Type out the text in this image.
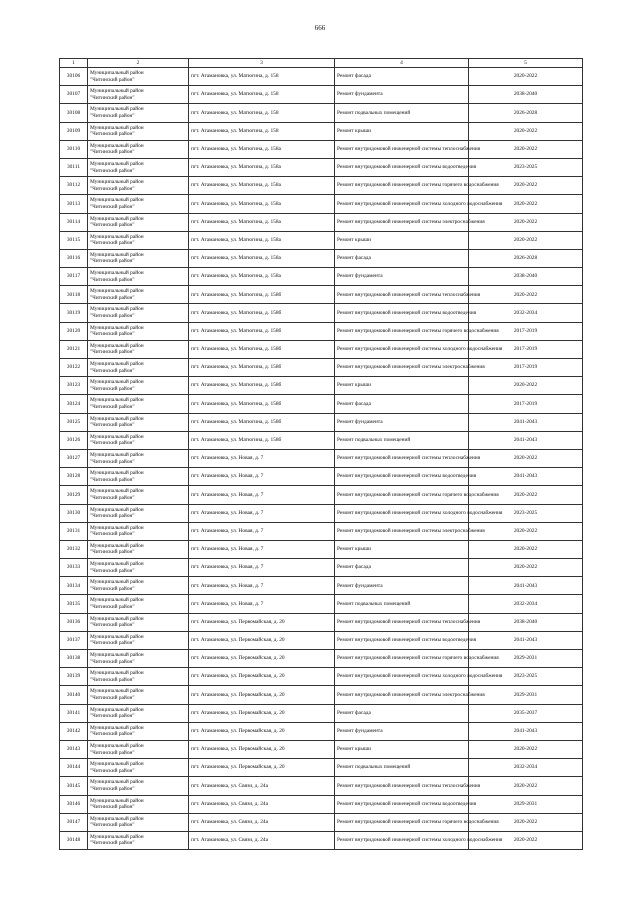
666
1	2	3	4	5
30106	Муниципальный район
"Читинский район"	пгт. Атаманoвка, ул. Матюгина, д. 158	Ремонт фасада	2020-2022
30107	Муниципальный район
"Читинский район"	пгт. Атаманoвка, ул. Матюгина, д. 158	Ремонт фундамента	2038-2040
30108	Муниципальный район
"Читинский район"	пгт. Атаманoвка, ул. Матюгина, д. 158	Ремонт подвальных помещений	2026-2028
30109	Муниципальный район
"Читинский район"	пгт. Атаманoвка, ул. Матюгина, д. 158	Ремонт крыши	2020-2022
30110	Муниципальный район
"Читинский район"	пгт. Атаманoвка, ул. Матюгина, д. 158а	Ремонт внутридомовой инженерной системы теплоснабжения	2020-2022
30111	Муниципальный район
"Читинский район"	пгт. Атаманoвка, ул. Матюгина, д. 158а	Ремонт внутридомовой инженерной системы водоотведения	2023-2025
30112	Муниципальный район
"Читинский район"	пгт. Атаманoвка, ул. Матюгина, д. 158а	Ремонт внутридомовой инженерной системы горячего водоснабжения	2020-2022
30113	Муниципальный район
"Читинский район"	пгт. Атаманoвка, ул. Матюгина, д. 158а	Ремонт внутридомовой инженерной системы холодного водоснабжения	2020-2022
30114	Муниципальный район
"Читинский район"	пгт. Атаманoвка, ул. Матюгина, д. 158а	Ремонт внутридомовой инженерной системы электроснабжения	2020-2022
30115	Муниципальный район
"Читинский район"	пгт. Атаманoвка, ул. Матюгина, д. 158а	Ремонт крыши	2020-2022
30116	Муниципальный район
"Читинский район"	пгт. Атаманoвка, ул. Матюгина, д. 158а	Ремонт фасада	2026-2028
30117	Муниципальный район
"Читинский район"	пгт. Атаманoвка, ул. Матюгина, д. 158а	Ремонт фундамента	2038-2040
30118	Муниципальный район
"Читинский район"	пгт. Атаманoвка, ул. Матюгина, д. 158б	Ремонт внутридомовой инженерной системы теплоснабжения	2020-2022
30119	Муниципальный район
"Читинский район"	пгт. Атаманoвка, ул. Матюгина, д. 158б	Ремонт внутридомовой инженерной системы водоотведения	2032-2034
30120	Муниципальный район
"Читинский район"	пгт. Атаманoвка, ул. Матюгина, д. 158б	Ремонт внутридомовой инженерной системы горячего водоснабжения	2017-2019
30121	Муниципальный район
"Читинский район"	пгт. Атаманoвка, ул. Матюгина, д. 158б	Ремонт внутридомовой инженерной системы холодного водоснабжения	2017-2019
30122	Муниципальный район
"Читинский район"	пгт. Атаманoвка, ул. Матюгина, д. 158б	Ремонт внутридомовой инженерной системы электроснабжения	2017-2019
30123	Муниципальный район
"Читинский район"	пгт. Атаманoвка, ул. Матюгина, д. 158б	Ремонт крыши	2020-2022
30124	Муниципальный район
"Читинский район"	пгт. Атаманoвка, ул. Матюгина, д. 158б	Ремонт фасада	2017-2019
30125	Муниципальный район
"Читинский район"	пгт. Атаманoвка, ул. Матюгина, д. 158б	Ремонт фундамента	2041-2043
30126	Муниципальный район
"Читинский район"	пгт. Атаманoвка, ул. Матюгина, д. 158б	Ремонт подвальных помещений	2041-2043
30127	Муниципальный район
"Читинский район"	пгт. Атаманoвка, ул. Новая, д. 7	Ремонт внутридомовой инженерной системы теплоснабжения	2020-2022
30128	Муниципальный район
"Читинский район"	пгт. Атаманoвка, ул. Новая, д. 7	Ремонт внутридомовой инженерной системы водоотведения	2041-2043
30129	Муниципальный район
"Читинский район"	пгт. Атаманoвка, ул. Новая, д. 7	Ремонт внутридомовой инженерной системы горячего водоснабжения	2020-2022
30130	Муниципальный район
"Читинский район"	пгт. Атаманoвка, ул. Новая, д. 7	Ремонт внутридомовой инженерной системы холодного водоснабжения	2023-2025
30131	Муниципальный район
"Читинский район"	пгт. Атаманoвка, ул. Новая, д. 7	Ремонт внутридомовой инженерной системы электроснабжения	2020-2022
30132	Муниципальный район
"Читинский район"	пгт. Атаманoвка, ул. Новая, д. 7	Ремонт крыши	2020-2022
30133	Муниципальный район
"Читинский район"	пгт. Атаманoвка, ул. Новая, д. 7	Ремонт фасада	2020-2022
30134	Муниципальный район
"Читинский район"	пгт. Атаманoвка, ул. Новая, д. 7	Ремонт фундамента	2041-2043
30135	Муниципальный район
"Читинский район"	пгт. Атаманoвка, ул. Новая, д. 7	Ремонт подвальных помещений	2032-2034
30136	Муниципальный район
"Читинский район"	пгт. Атаманoвка, ул. Первомайская, д. 20	Ремонт внутридомовой инженерной системы теплоснабжения	2038-2040
30137	Муниципальный район
"Читинский район"	пгт. Атаманoвка, ул. Первомайская, д. 20	Ремонт внутридомовой инженерной системы водоотведения	2041-2043
30138	Муниципальный район
"Читинский район"	пгт. Атаманoвка, ул. Первомайская, д. 20	Ремонт внутридомовой инженерной системы горячего водоснабжения	2029-2031
30139	Муниципальный район
"Читинский район"	пгт. Атаманoвка, ул. Первомайская, д. 20	Ремонт внутридомовой инженерной системы холодного водоснабжения	2023-2025
30140	Муниципальный район
"Читинский район"	пгт. Атаманoвка, ул. Первомайская, д. 20	Ремонт внутридомовой инженерной системы электроснабжения	2029-2031
30141	Муниципальный район
"Читинский район"	пгт. Атаманoвка, ул. Первомайская, д. 20	Ремонт фасада	2035-2037
30142	Муниципальный район
"Читинский район"	пгт. Атаманoвка, ул. Первомайская, д. 20	Ремонт фундамента	2041-2043
30143	Муниципальный район
"Читинский район"	пгт. Атаманoвка, ул. Первомайская, д. 20	Ремонт крыши	2020-2022
30144	Муниципальный район
"Читинский район"	пгт. Атаманoвка, ул. Первомайская, д. 20	Ремонт подвальных помещений	2032-2034
30145	Муниципальный район
"Читинский район"	пгт. Атаманoвка, ул. Связи, д. 24а	Ремонт внутридомовой инженерной системы теплоснабжения	2020-2022
30146	Муниципальный район
"Читинский район"	пгт. Атаманoвка, ул. Связи, д. 24а	Ремонт внутридомовой инженерной системы водоотведения	2029-2031
30147	Муниципальный район
"Читинский район"	пгт. Атаманoвка, ул. Связи, д. 24а	Ремонт внутридомовой инженерной системы горячего водоснабжения	2020-2022
30148	Муниципальный район
"Читинский район"	пгт. Атаманoвка, ул. Связи, д. 24а	Ремонт внутридомовой инженерной системы холодного водоснабжения	2020-2022
